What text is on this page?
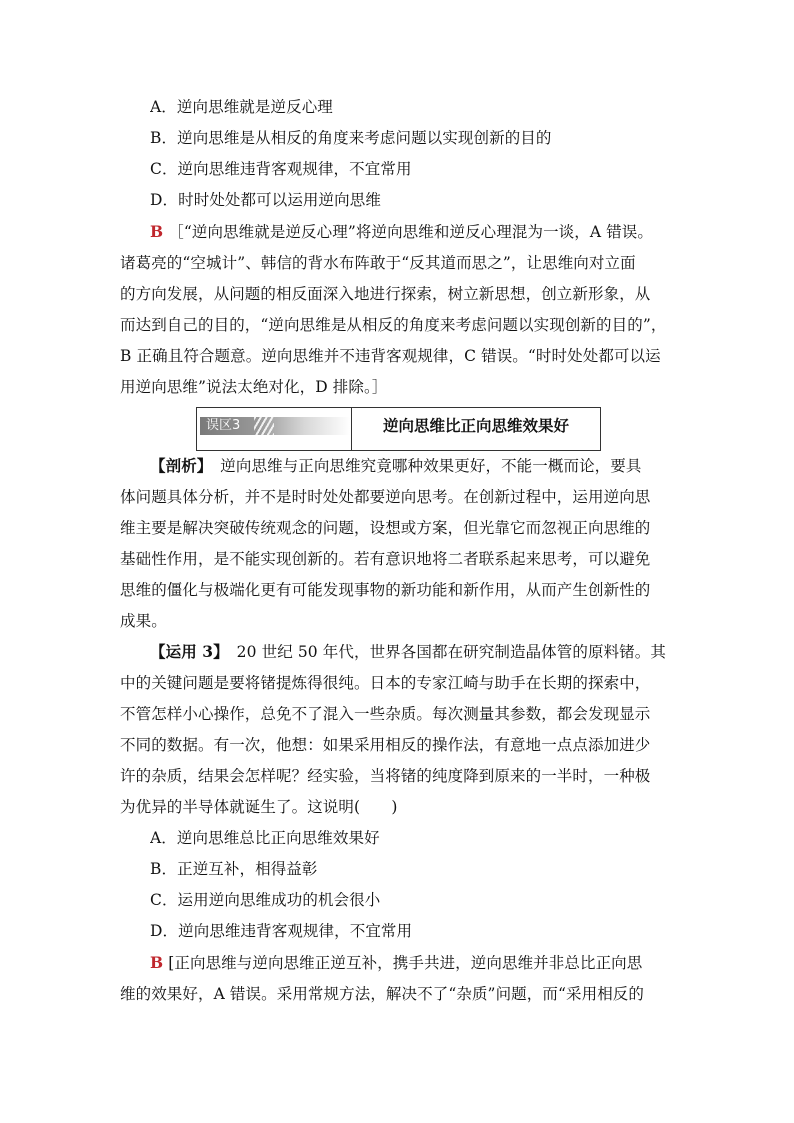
A．逆向思维就是逆反心理
B．逆向思维是从相反的角度来考虑问题以实现创新的目的
C．逆向思维违背客观规律，不宜常用
D．时时处处都可以运用逆向思维
B ［“逆向思维就是逆反心理”将逆向思维和逆反心理混为一谈，A 错误。
诸葛亮的“空城计”、韩信的背水布阵敢于“反其道而思之”，让思维向对立面
的方向发展，从问题的相反面深入地进行探索，树立新思想，创立新形象，从
而达到自己的目的，“逆向思维是从相反的角度来考虑问题以实现创新的目的”，
B 正确且符合题意。逆向思维并不违背客观规律，C 错误。“时时处处都可以运
用逆向思维”说法太绝对化，D 排除。］
误区3	逆向思维比正向思维效果好
【剖析】　 逆向思维与正向思维究竟哪种效果更好，不能一概而论，要具
体问题具体分析，并不是时时处处都要逆向思考。在创新过程中，运用逆向思
维主要是解决突破传统观念的问题，设想或方案，但光靠它而忽视正向思维的
基础性作用，是不能实现创新的。若有意识地将二者联系起来思考，可以避免
思维的僵化与极端化更有可能发现事物的新功能和新作用，从而产生创新性的
成果。
【运用 3】　 20 世纪 50 年代，世界各国都在研究制造晶体管的原料锗。其
中的关键问题是要将锗提炼得很纯。日本的专家江崎与助手在长期的探索中，
不管怎样小心操作，总免不了混入一些杂质。每次测量其参数，都会发现显示
不同的数据。有一次，他想：如果采用相反的操作法，有意地一点点添加进少
许的杂质，结果会怎样呢？经实验，当将锗的纯度降到原来的一半时，一种极
为优异的半导体就诞生了。这说明(　　)
A．逆向思维总比正向思维效果好
B．正逆互补，相得益彰
C．运用逆向思维成功的机会很小
D．逆向思维违背客观规律，不宜常用
B [正向思维与逆向思维正逆互补，携手共进，逆向思维并非总比正向思
维的效果好，A 错误。采用常规方法，解决不了“杂质”问题，而“采用相反的
